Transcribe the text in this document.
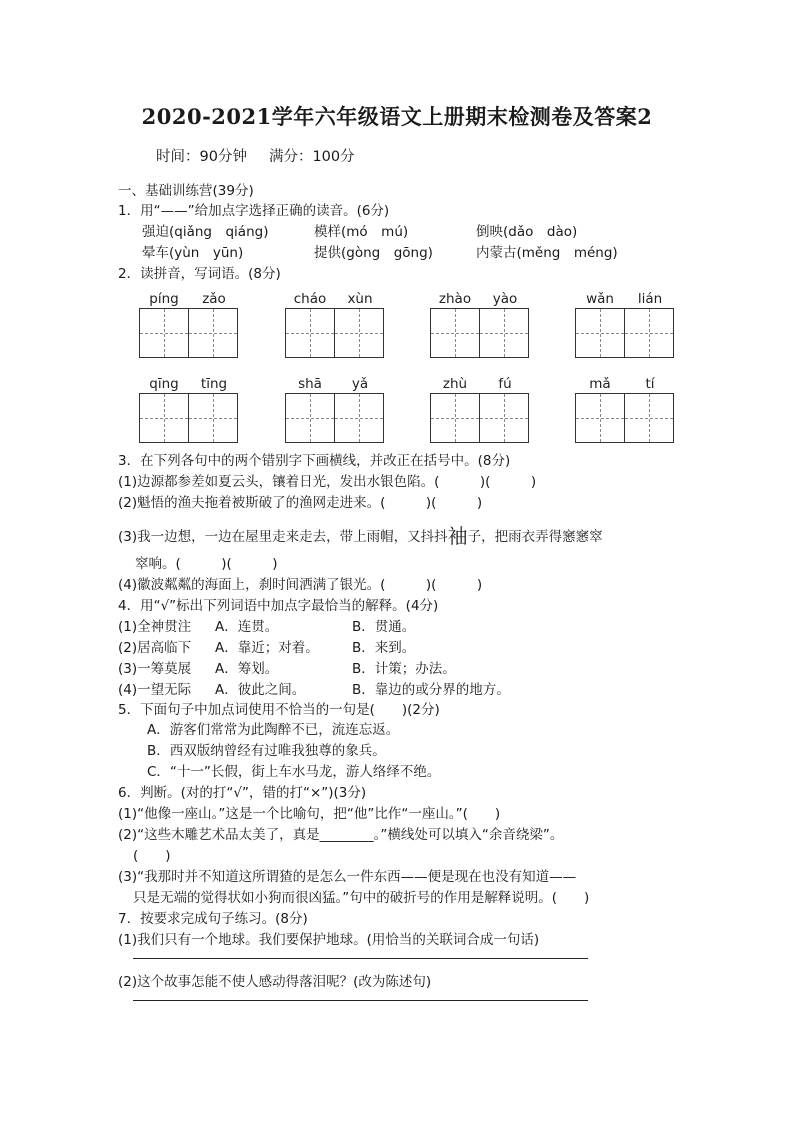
2020-2021学年六年级语文上册期末检测卷及答案2
时间：90分钟 满分：100分
一、基础训练营(39分)
1．用“——”给加点字选择正确的读音。(6分)
强迫(qiǎng　qiáng)	模样(mó　mú)	倒映(dǎo　dào)
晕车(yùn　yūn)	提供(gòng　gōng)	内蒙古(měng　méng)
2．读拼音，写词语。(8分)
píng	zǎo	cháo	xùn	zhào	yào	wǎn	lián
qīng	tīng	shā	yǎ	zhù	fú	mǎ	tí
3．在下列各句中的两个错别字下画横线，并改正在括号中。(8分)
(1)边源都参差如夏云头，镶着日光，发出水银色陷。(　　　)(　　　)
(2)魁悟的渔夫拖着被斯破了的渔网走进来。(　　　)(　　　)
(3)我一边想，一边在屋里走来走去，带上雨帽，又抖抖袖子，把雨衣弄得窸窸窣
窣响。(　　　)(　　　)
(4)徽波粼粼的海面上，刹时间洒满了银光。(　　　)(　　　)
4．用“√”标出下列词语中加点字最恰当的解释。(4分)
(1)全神贯注 A．连贯。	B．贯通。
(2)居高临下 A．靠近；对着。 B．来到。
(3)一筹莫展 A．筹划。	B．计策；办法。
(4)一望无际 A．彼此之间。	B．靠边的或分界的地方。
5．下面句子中加点词使用不恰当的一句是(　　)(2分)
A．游客们常常为此陶醉不已，流连忘返。
B．西双版纳曾经有过唯我独尊的象兵。
C．“十一”长假，街上车水马龙，游人络绎不绝。
6．判断。(对的打“√”，错的打“×”)(3分)
(1)“他像一座山。”这是一个比喻句，把“他”比作“一座山。”(　　)
(2)“这些木雕艺术品太美了，真是________。”横线处可以填入“余音绕梁”。
(　　)
(3)“我那时并不知道这所谓猹的是怎么一件东西——便是现在也没有知道——
只是无端的觉得状如小狗而很凶猛。”句中的破折号的作用是解释说明。(　　)
7．按要求完成句子练习。(8分)
(1)我们只有一个地球。我们要保护地球。(用恰当的关联词合成一句话)
(2)这个故事怎能不使人感动得落泪呢？(改为陈述句)
